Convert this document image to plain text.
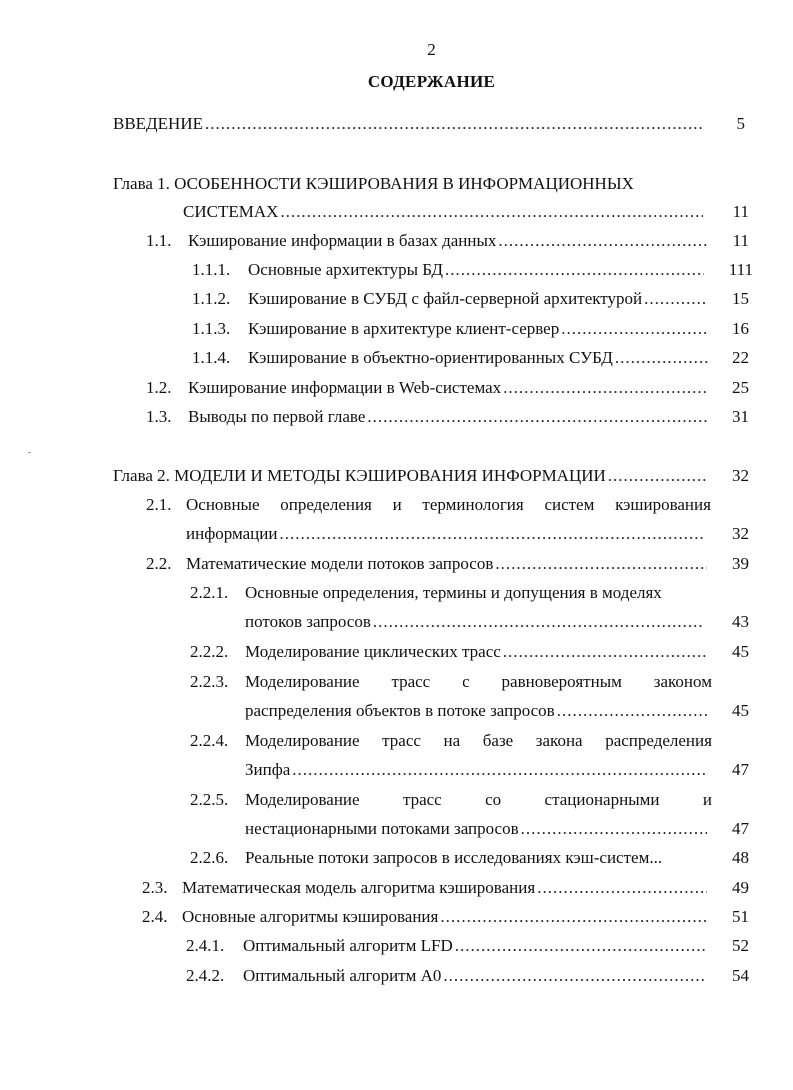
2
СОДЕРЖАНИЕ
ВВЕДЕНИЕ .....	5
Глава 1. ОСОБЕННОСТИ КЭШИРОВАНИЯ В ИНФОРМАЦИОННЫХ
СИСТЕМАХ .....	11
1.1. Кэширование информации в базах данных .....	11
1.1.1.	Основные архитектуры БД .....	111
1.1.2.	Кэширование в СУБД с файл-серверной архитектурой .....	15
1.1.3.	Кэширование в архитектуре клиент-сервер .....	16
1.1.4.	Кэширование в объектно-ориентированных СУБД .....	22
1.2. Кэширование информации в Web-системах .....	25
1.3. Выводы по первой главе .....	31
Глава 2. МОДЕЛИ И МЕТОДЫ КЭШИРОВАНИЯ ИНФОРМАЦИИ .....	32
2.1. Основные определения и терминология систем кэширования
информации .....	32
2.2. Математические модели потоков запросов .....	39
2.2.1. Основные определения, термины и допущения в моделях
потоков запросов .....	43
2.2.2. Моделирование циклических трасс .....	45
2.2.3. Моделирование трасс с равновероятным законом
распределения объектов в потоке запросов .....	45
2.2.4. Моделирование трасс на базе закона распределения
Зипфа .....	47
2.2.5. Моделирование	трасс	со	стационарными	и
нестационарными потоками запросов .....	47
2.2.6. Реальные потоки запросов в исследованиях кэш-систем...	48
2.3. Математическая модель алгоритма кэширования .....	49
2.4. Основные алгоритмы кэширования .....	51
2.4.1.	Оптимальный алгоритм LFD .....	52
2.4.2.	Оптимальный алгоритм A0 .....	54
